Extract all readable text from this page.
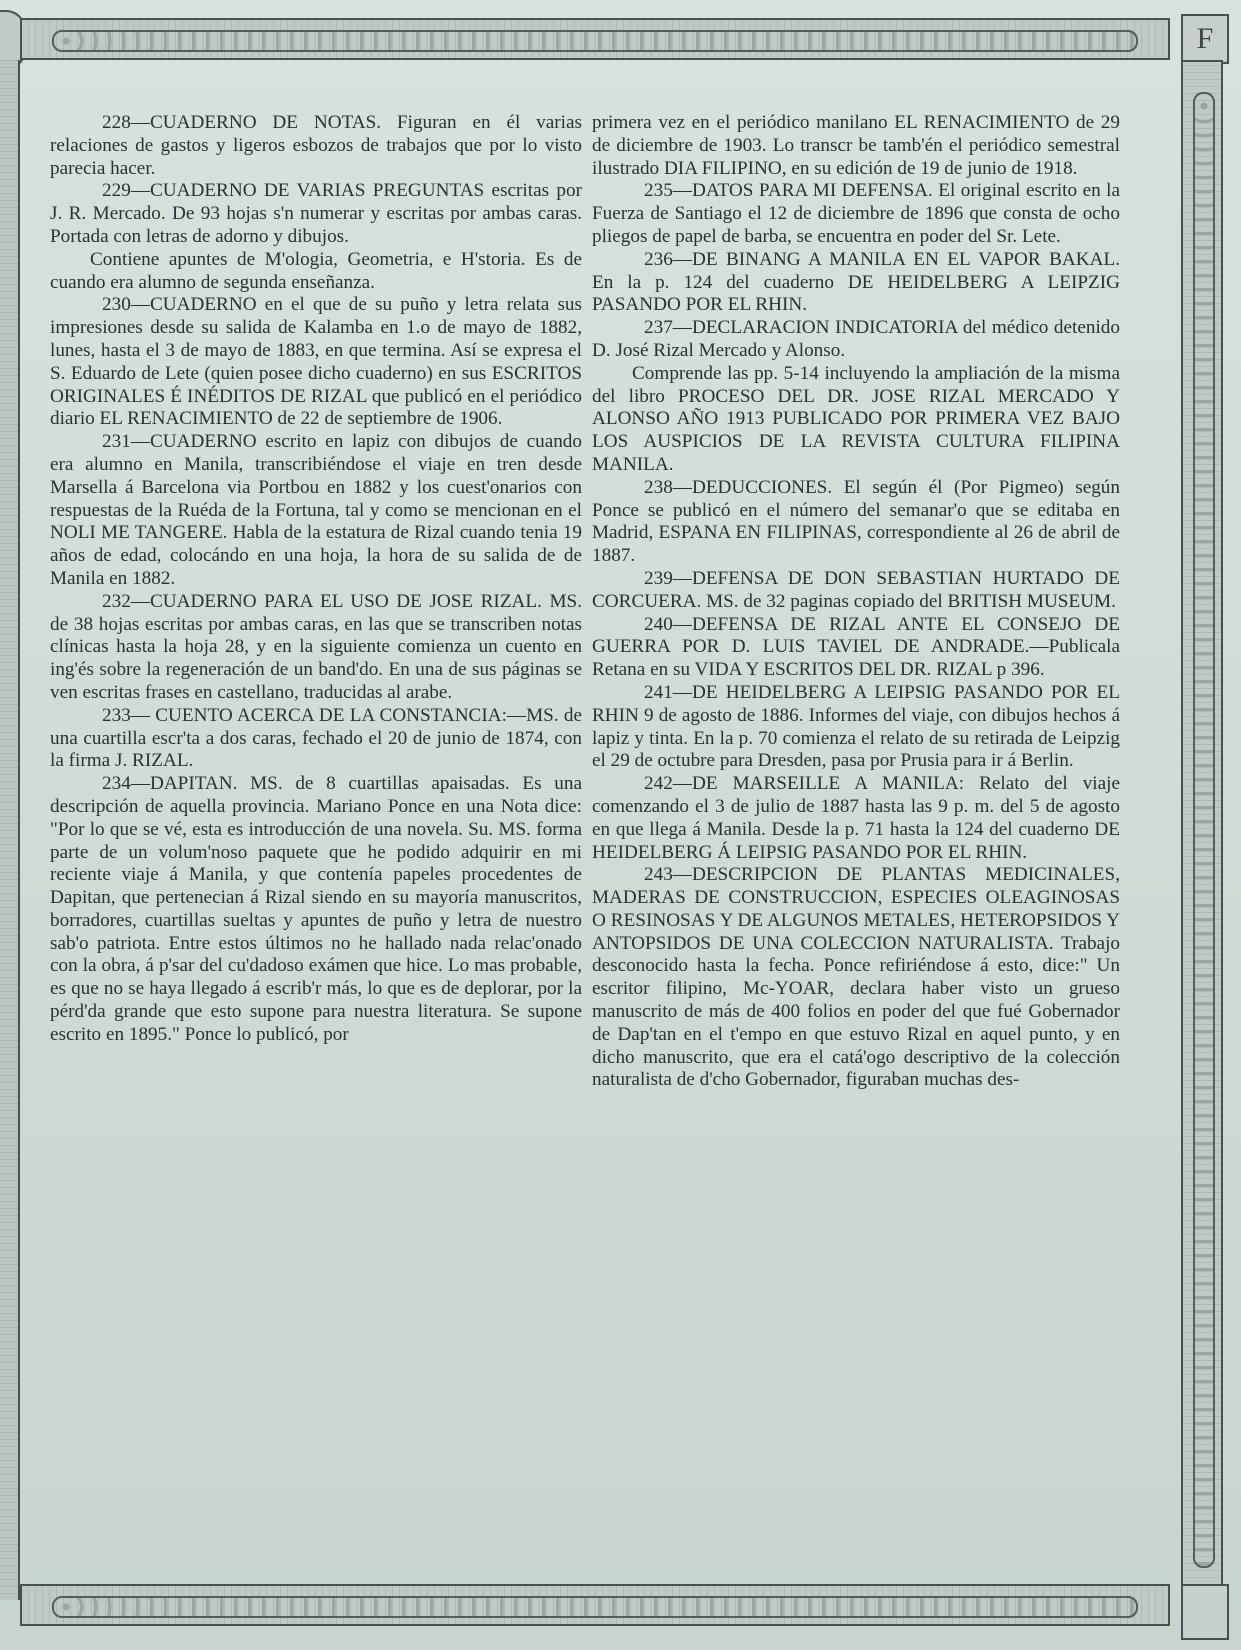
F

228—CUADERNO DE NOTAS. Figuran en él varias relaciones de gastos y ligeros esbozos de trabajos que por lo visto parecia hacer.

229—CUADERNO DE VARIAS PREGUNTAS escritas por J. R. Mercado. De 93 hojas s'n numerar y escritas por ambas caras. Portada con letras de adorno y dibujos.

Contiene apuntes de M'ologia, Geometria, e H'storia. Es de cuando era alumno de segunda enseñanza.

230—CUADERNO en el que de su puño y letra relata sus impresiones desde su salida de Kalamba en 1.o de mayo de 1882, lunes, hasta el 3 de mayo de 1883, en que termina. Así se expresa el S. Eduardo de Lete (quien posee dicho cuaderno) en sus ESCRITOS ORIGINALES É INÉDITOS DE RIZAL que publicó en el periódico diario EL RENACIMIENTO de 22 de septiembre de 1906.

231—CUADERNO escrito en lapiz con dibujos de cuando era alumno en Manila, transcribiéndose el viaje en tren desde Marsella á Barcelona via Portbou en 1882 y los cuest'onarios con respuestas de la Ruéda de la Fortuna, tal y como se mencionan en el NOLI ME TANGERE. Habla de la estatura de Rizal cuando tenia 19 años de edad, colocándo en una hoja, la hora de su salida de de Manila en 1882.

232—CUADERNO PARA EL USO DE JOSE RIZAL. MS. de 38 hojas escritas por ambas caras, en las que se transcriben notas clínicas hasta la hoja 28, y en la siguiente comienza un cuento en ing'és sobre la regeneración de un band'do. En una de sus páginas se ven escritas frases en castellano, traducidas al arabe.

233— CUENTO ACERCA DE LA CONSTANCIA:—MS. de una cuartilla escr'ta a dos caras, fechado el 20 de junio de 1874, con la firma J. RIZAL.

234—DAPITAN. MS. de 8 cuartillas apaisadas. Es una descripción de aquella provincia. Mariano Ponce en una Nota dice: "Por lo que se vé, esta es introducción de una novela. Su. MS. forma parte de un volum'noso paquete que he podido adquirir en mi reciente viaje á Manila, y que contenía papeles procedentes de Dapitan, que pertenecian á Rizal siendo en su mayoría manuscritos, borradores, cuartillas sueltas y apuntes de puño y letra de nuestro sab'o patriota. Entre estos últimos no he hallado nada relac'onado con la obra, á p'sar del cu'dadoso exámen que hice. Lo mas probable, es que no se haya llegado á escrib'r más, lo que es de deplorar, por la pérd'da grande que esto supone para nuestra literatura. Se supone escrito en 1895." Ponce lo publicó, por

primera vez en el periódico manilano EL RENACIMIENTO de 29 de diciembre de 1903. Lo transcr be tamb'én el periódico semestral ilustrado DIA FILIPINO, en su edición de 19 de junio de 1918.

235—DATOS PARA MI DEFENSA. El original escrito en la Fuerza de Santiago el 12 de diciembre de 1896 que consta de ocho pliegos de papel de barba, se encuentra en poder del Sr. Lete.

236—DE BINANG A MANILA EN EL VAPOR BAKAL. En la p. 124 del cuaderno DE HEIDELBERG A LEIPZIG PASANDO POR EL RHIN.

237—DECLARACION INDICATORIA del médico detenido D. José Rizal Mercado y Alonso.

Comprende las pp. 5-14 incluyendo la ampliación de la misma del libro PROCESO DEL DR. JOSE RIZAL MERCADO Y ALONSO AÑO 1913 PUBLICADO POR PRIMERA VEZ BAJO LOS AUSPICIOS DE LA REVISTA CULTURA FILIPINA MANILA.

238—DEDUCCIONES. El según él (Por Pigmeo) según Ponce se publicó en el número del semanar'o que se editaba en Madrid, ESPANA EN FILIPINAS, correspondiente al 26 de abril de 1887.

239—DEFENSA DE DON SEBASTIAN HURTADO DE CORCUERA. MS. de 32 paginas copiado del BRITISH MUSEUM.

240—DEFENSA DE RIZAL ANTE EL CONSEJO DE GUERRA POR D. LUIS TAVIEL DE ANDRADE.—Publicala Retana en su VIDA Y ESCRITOS DEL DR. RIZAL p 396.

241—DE HEIDELBERG A LEIPSIG PASANDO POR EL RHIN 9 de agosto de 1886. Informes del viaje, con dibujos hechos á lapiz y tinta. En la p. 70 comienza el relato de su retirada de Leipzig el 29 de octubre para Dresden, pasa por Prusia para ir á Berlin.

242—DE MARSEILLE A MANILA: Relato del viaje comenzando el 3 de julio de 1887 hasta las 9 p. m. del 5 de agosto en que llega á Manila. Desde la p. 71 hasta la 124 del cuaderno DE HEIDELBERG Á LEIPSIG PASANDO POR EL RHIN.

243—DESCRIPCION DE PLANTAS MEDICINALES, MADERAS DE CONSTRUCCION, ESPECIES OLEAGINOSAS O RESINOSAS Y DE ALGUNOS METALES, HETEROPSIDOS Y ANTOPSIDOS DE UNA COLECCION NATURALISTA. Trabajo desconocido hasta la fecha. Ponce refiriéndose á esto, dice:" Un escritor filipino, Mc-YOAR, declara haber visto un grueso manuscrito de más de 400 folios en poder del que fué Gobernador de Dap'tan en el t'empo en que estuvo Rizal en aquel punto, y en dicho manuscrito, que era el catá'ogo descriptivo de la colección naturalista de d'cho Gobernador, figuraban muchas des-
